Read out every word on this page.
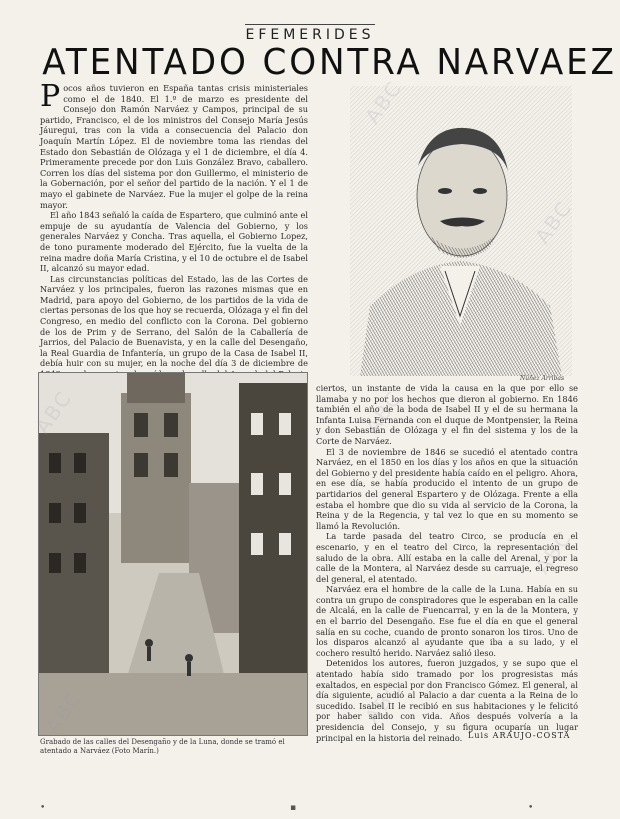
EFEMERIDES
ATENTADO CONTRA NARVAEZ

Pocos años tuvieron en España tantas crisis ministeriales como el de 1840. El 1.º de marzo es presidente del Consejo don Ramón Narváez y Campos, principal de su partido, Francisco, el de los ministros del Consejo María Jesús Jáuregui, tras con la vida a consecuencia del Palacio don Joaquín Martín López. El de noviembre toma las riendas del Estado don Sebastián de Olózaga y el 1 de diciembre, el día 4. Primeramente precede por don Luis González Bravo, caballero. Corren los días del sistema por don Guillermo, el ministerio de la Gobernación, por el señor del partido de la nación. Y el 1 de mayo el gabinete de Narváez. Fue la mujer el golpe de la reina mayor.

El año 1843 señaló la caída de Espartero, que culminó ante el empuje de su ayudantía de Valencia del Gobierno, y los generales Narváez y Concha. Tras aquella, el Gobierno Lopez, de tono puramente moderado del Ejército, fue la vuelta de la reina madre doña María Cristina, y el 10 de octubre el de Isabel II, alcanzó su mayor edad.

Las circunstancias políticas del Estado, las de las Cortes de Narváez y los principales, fueron las razones mismas que en Madrid, para apoyo del Gobierno, de los partidos de la vida de ciertas personas de los que hoy se recuerda, Olózaga y el fin del Congreso, en medio del conflicto con la Corona. Del gobierno de los de Prim y de Serrano, del Salón de la Caballería de Jarrios, del Palacio de Buenavista, y en la calle del Desengaño, la Real Guardia de Infantería, un grupo de la Casa de Isabel II, debía huir con su mujer, en la noche del día 3 de diciembre de

Núñez Arribas
Grabado de las calles del Desengaño y de la Luna, donde se tramó el atentado a Narváez (Foto Marín.)

ciertos, un instante de vida la causa en la que por ello se llamaba y no por los hechos que dieron al gobierno. En 1846 también el año de la boda de Isabel II y el de su hermana la Infanta Luisa Fernanda con el duque de Montpensier, la Reina y don Sebastián de Olózaga y el fin del sistema y los de la Corte de Narváez.

El 3 de noviembre de 1846 se sucedió el atentado contra Narváez, en el 1850 en los días y los años en que la situación del Gobierno y del presidente había caído en el peligro. Ahora, en ese día, se había producido el intento de un grupo de partidarios del general Espartero y de Olózaga. Frente a ella estaba el hombre que dio su vida al servicio de la Corona, la Reina y de la Regencia, y tal vez lo que en su momento se llamó la Revolución.

La tarde pasada del teatro Circo, se producía en el escenario, y en el teatro del Circo, la representación del saludo de la obra. Allí estaba en la calle del Arenal, y por la calle de la Montera, al Narváez desde su carruaje, el regreso del general, el atentado.

Narváez era el hombre de la calle de la Luna. Había en su contra un grupo de conspiradores que le esperaban en la calle de Alcalá, en la calle de Fuencarral, y en la de la Montera, y en el barrio del Desengaño. Ese fue el día en que el general salía en su coche, cuando de pronto sonaron los tiros. Uno de los disparos alcanzó al ayudante que iba a su lado, y el cochero resultó herido. Narváez salió ileso.

Detenidos los autores, fueron juzgados, y se supo que el atentado había sido tramado por los progresistas más exaltados, en especial por don Francisco Gómez. El general, al día siguiente, acudió al Palacio a dar cuenta a la Reina de lo sucedido. Isabel II le recibió en sus habitaciones y le felicitó por haber salido con vida. Años después volvería a la presidencia del Consejo, y su figura ocuparía un lugar principal en la historia del reinado. Luis ARAUJO-COSTA
•	▪	•
ABC
ABC
ABC
